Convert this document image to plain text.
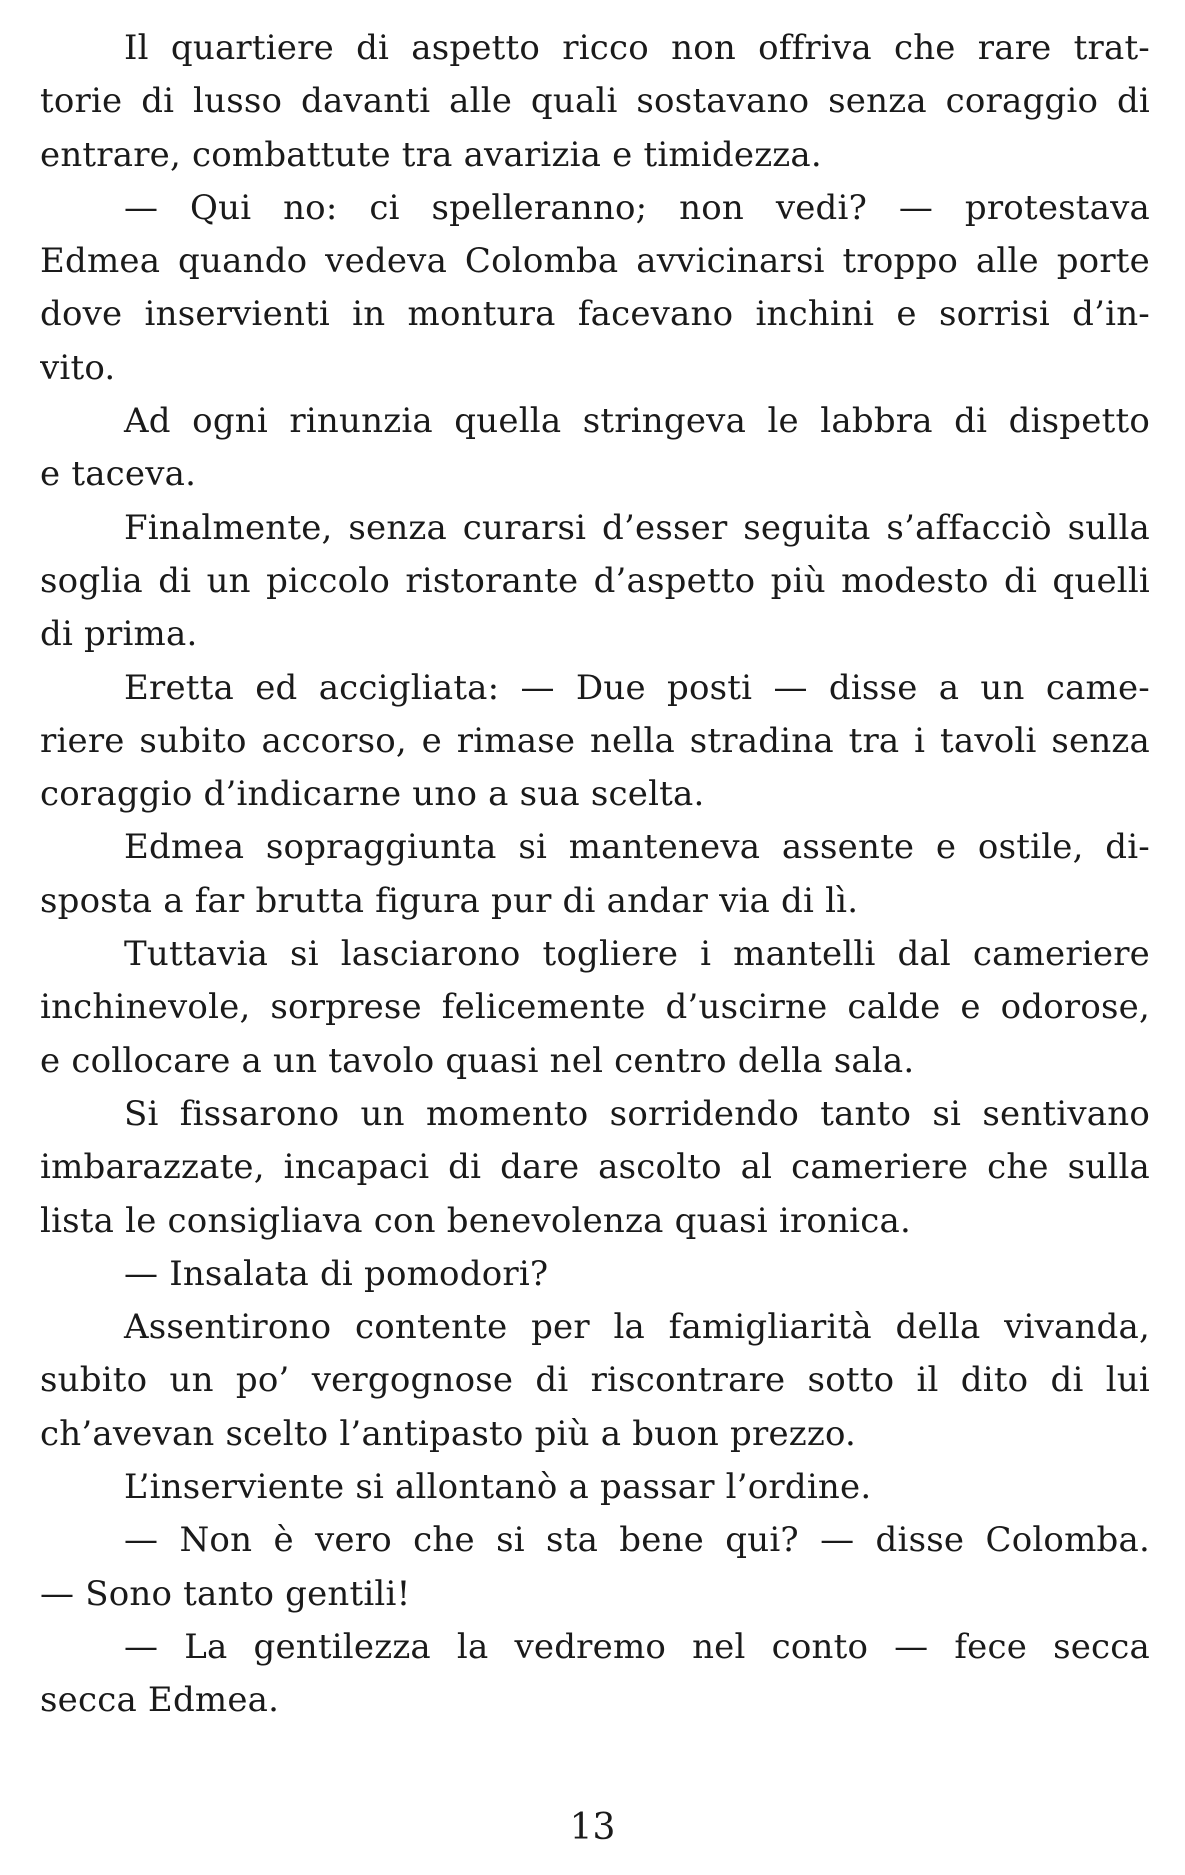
Il quartiere di aspetto ricco non offriva che rare trat-
torie di lusso davanti alle quali sostavano senza coraggio di
entrare, combattute tra avarizia e timidezza.
— Qui no: ci spelleranno; non vedi? — protestava
Edmea quando vedeva Colomba avvicinarsi troppo alle porte
dove inservienti in montura facevano inchini e sorrisi d’in-
vito.
Ad ogni rinunzia quella stringeva le labbra di dispetto
e taceva.
Finalmente, senza curarsi d’esser seguita s’affacciò sulla
soglia di un piccolo ristorante d’aspetto più modesto di quelli
di prima.
Eretta ed accigliata: — Due posti — disse a un came-
riere subito accorso, e rimase nella stradina tra i tavoli senza
coraggio d’indicarne uno a sua scelta.
Edmea sopraggiunta si manteneva assente e ostile, di-
sposta a far brutta figura pur di andar via di lì.
Tuttavia si lasciarono togliere i mantelli dal cameriere
inchinevole, sorprese felicemente d’uscirne calde e odorose,
e collocare a un tavolo quasi nel centro della sala.
Si fissarono un momento sorridendo tanto si sentivano
imbarazzate, incapaci di dare ascolto al cameriere che sulla
lista le consigliava con benevolenza quasi ironica.
— Insalata di pomodori?
Assentirono contente per la famigliarità della vivanda,
subito un po’ vergognose di riscontrare sotto il dito di lui
ch’avevan scelto l’antipasto più a buon prezzo.
L’inserviente si allontanò a passar l’ordine.
— Non è vero che si sta bene qui? — disse Colomba.
— Sono tanto gentili!
— La gentilezza la vedremo nel conto — fece secca
secca Edmea.
13
